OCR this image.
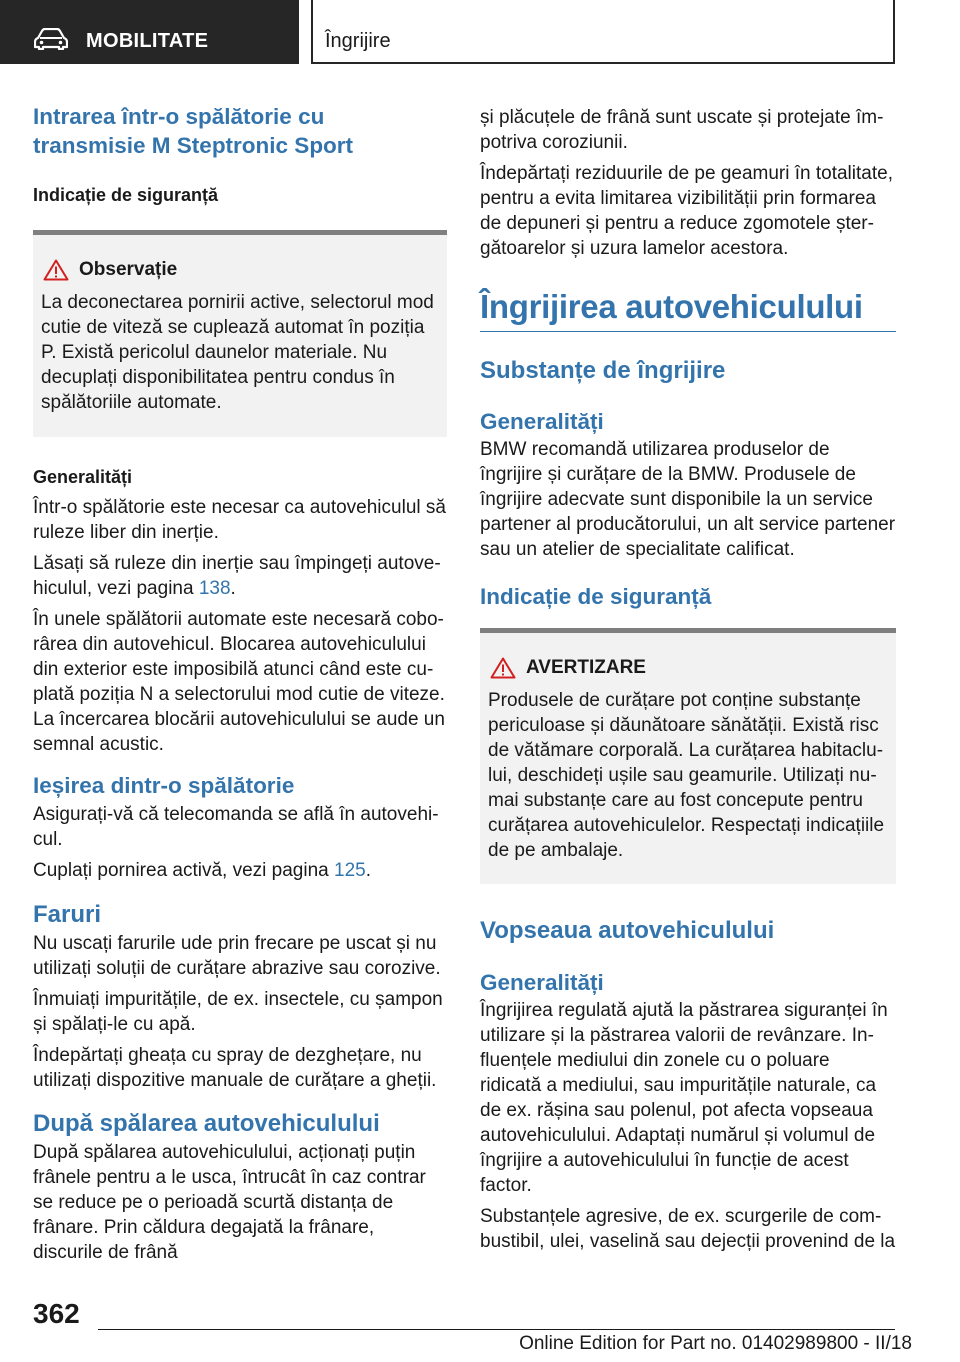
MOBILITATE	Îngrijire
Intrarea într-o spălătorie cu transmisie M Steptronic Sport
Indicație de siguranță
Observație

La deconectarea pornirii active, selectorul mod cutie de viteză se cuplează automat în poziția P. Există pericolul daunelor materiale. Nu decuplați disponibilitatea pentru condus în spălătoriile automate.

Generalități

Într-o spălătorie este necesar ca autovehiculul să ruleze liber din inerție.

Lăsați să ruleze din inerție sau împingeți autovehiculul, vezi pagina 138.

În unele spălătorii automate este necesară coborârea din autovehicul. Blocarea autovehiculului din exterior este imposibilă atunci când este cuplată poziția N a selectorului mod cutie de viteze. La încercarea blocării autovehiculului se aude un semnal acustic.

Ieșirea dintr-o spălătorie

Asigurați-vă că telecomanda se află în autovehicul.

Cuplați pornirea activă, vezi pagina 125.

Faruri

Nu uscați farurile ude prin frecare pe uscat și nu utilizați soluții de curățare abrazive sau corozive.

Înmuiați impuritățile, de ex. insectele, cu șampon și spălați-le cu apă.

Îndepărtați gheața cu spray de dezghețare, nu utilizați dispozitive manuale de curățare a gheții.

După spălarea autovehiculului

După spălarea autovehiculului, acționați puțin frânele pentru a le usca, întrucât în caz contrar se reduce pe o perioadă scurtă distanța de frânare. Prin căldura degajată la frânare, discurile de frână

și plăcuțele de frână sunt uscate și protejate împotriva coroziunii.

Îndepărtați reziduurile de pe geamuri în totalitate, pentru a evita limitarea vizibilității prin formarea de depuneri și pentru a reduce zgomotele ștergătoarelor și uzura lamelor acestora.

Îngrijirea autovehiculului
Substanțe de îngrijire
Generalități

BMW recomandă utilizarea produselor de îngrijire și curățare de la BMW. Produsele de îngrijire adecvate sunt disponibile la un service partener al producătorului, un alt service partener sau un atelier de specialitate calificat.

Indicație de siguranță
AVERTIZARE

Produsele de curățare pot conține substanțe periculoase și dăunătoare sănătății. Există risc de vătămare corporală. La curățarea habitaclului, deschideți ușile sau geamurile. Utilizați numai substanțe care au fost concepute pentru curățarea autovehiculelor. Respectați indicațiile de pe ambalaje.

Vopseaua autovehiculului
Generalități

Îngrijirea regulată ajută la păstrarea siguranței în utilizare și la păstrarea valorii de revânzare. Influențele mediului din zonele cu o poluare ridicată a mediului, sau impuritățile naturale, ca de ex. rășina sau polenul, pot afecta vopseaua autovehiculului. Adaptați numărul și volumul de îngrijire a autovehiculului în funcție de acest factor.

Substanțele agresive, de ex. scurgerile de combustibil, ulei, vaselină sau dejecții provenind de la

362
Online Edition for Part no. 01402989800 - II/18
